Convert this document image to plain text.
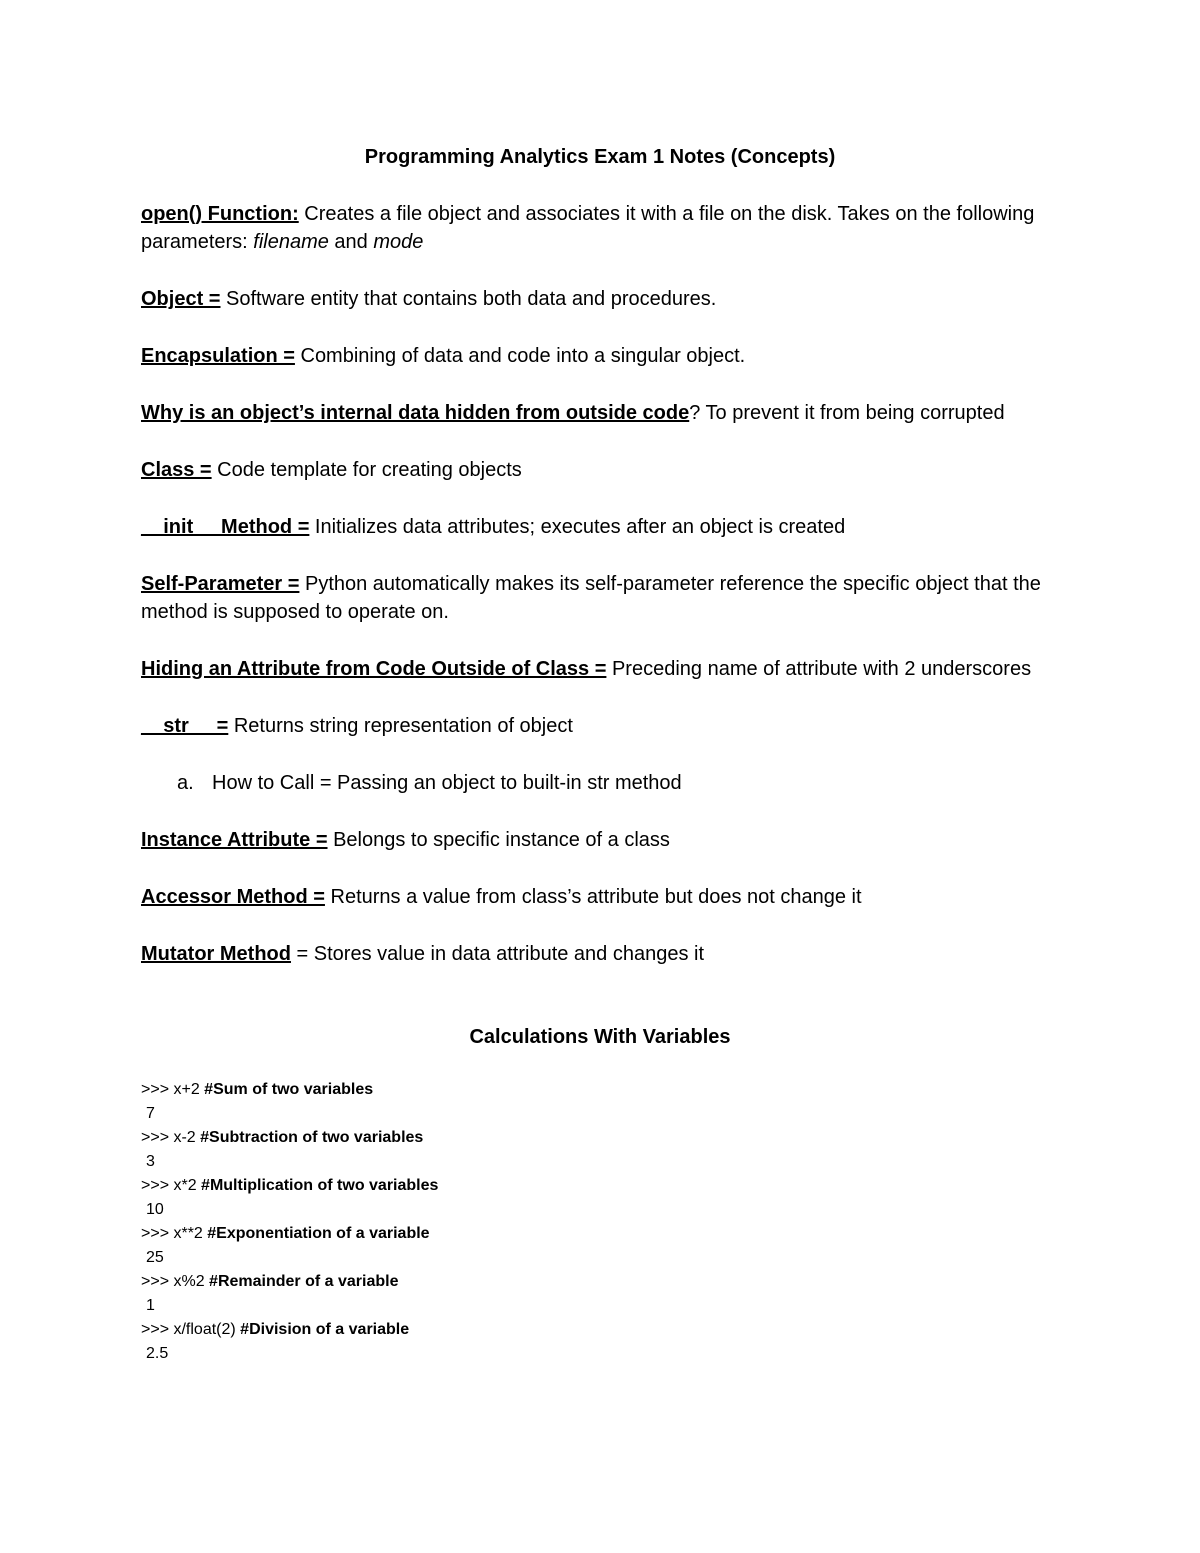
Programming Analytics Exam 1 Notes (Concepts)
open() Function: Creates a file object and associates it with a file on the disk. Takes on the following parameters: filename and mode
Object = Software entity that contains both data and procedures.
Encapsulation = Combining of data and code into a singular object.
Why is an object’s internal data hidden from outside code? To prevent it from being corrupted
Class = Code template for creating objects
__init__ Method = Initializes data attributes; executes after an object is created
Self-Parameter = Python automatically makes its self-parameter reference the specific object that the method is supposed to operate on.
Hiding an Attribute from Code Outside of Class = Preceding name of attribute with 2 underscores
__str__ = Returns string representation of object
a. How to Call = Passing an object to built-in str method
Instance Attribute = Belongs to specific instance of a class
Accessor Method = Returns a value from class’s attribute but does not change it
Mutator Method = Stores value in data attribute and changes it
Calculations With Variables
>>> x+2 #Sum of two variables
7
>>> x-2 #Subtraction of two variables
3
>>> x*2 #Multiplication of two variables
10
>>> x**2 #Exponentiation of a variable
25
>>> x%2 #Remainder of a variable
1
>>> x/float(2) #Division of a variable
2.5
